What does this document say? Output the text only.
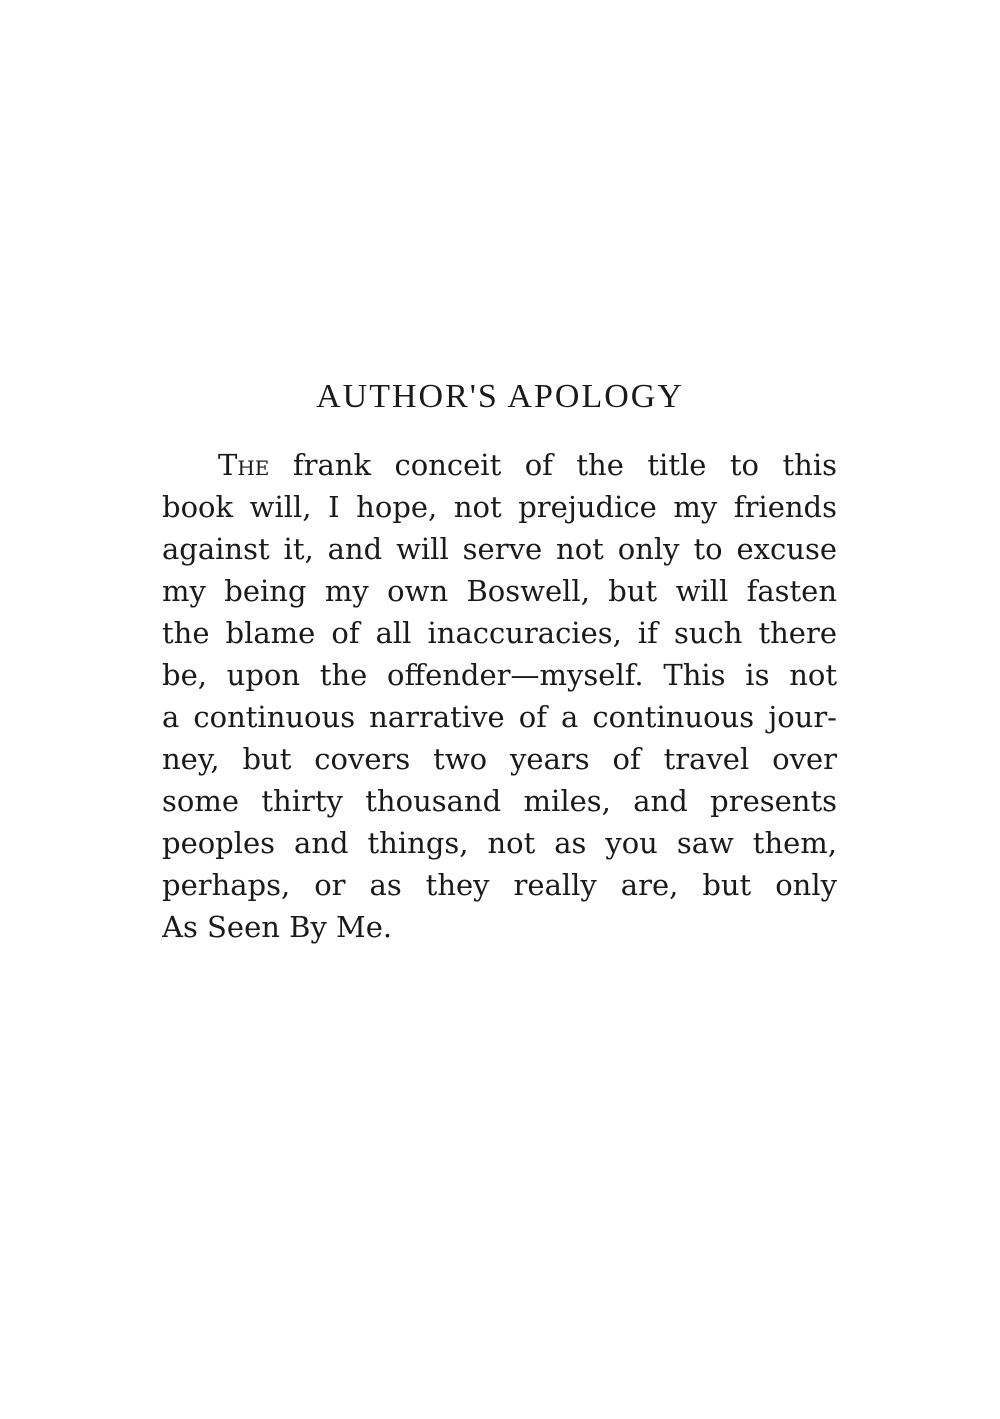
AUTHOR'S APOLOGY
The frank conceit of the title to this
book will, I hope, not prejudice my friends
against it, and will serve not only to excuse
my being my own Boswell, but will fasten
the blame of all inaccuracies, if such there
be, upon the offender—myself. This is not
a continuous narrative of a continuous jour-
ney, but covers two years of travel over
some thirty thousand miles, and presents
peoples and things, not as you saw them,
perhaps, or as they really are, but only
As Seen By Me.
